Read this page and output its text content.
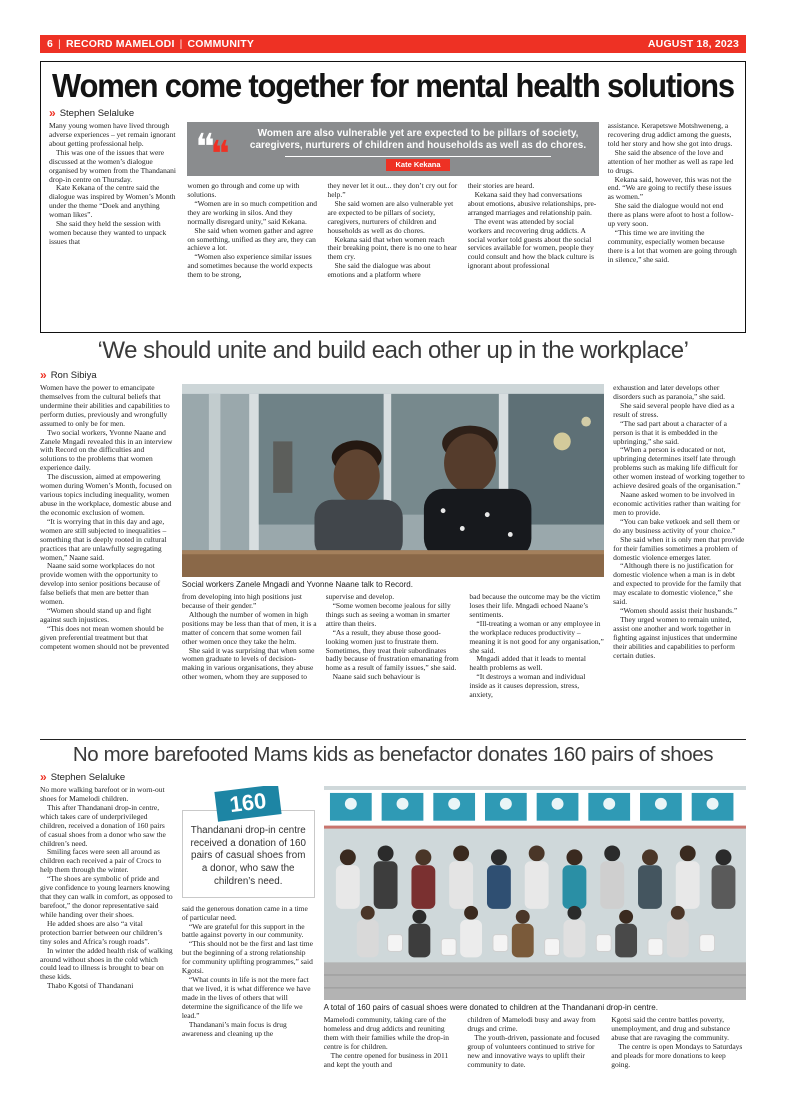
6 | RECORD MAMELODI | COMMUNITY	AUGUST 18, 2023
Women come together for mental health solutions
» Stephen Selaluke

Many young women have lived through adverse experiences – yet remain ignorant about getting professional help.

This was one of the issues that were discussed at the women’s dialogue organised by women from the Thandanani drop-in centre on Thursday.

Kate Kekana of the centre said the dialogue was inspired by Women’s Month under the theme “Doek and anything woman likes”.

She said they held the session with women because they wanted to unpack issues that

❝
❝
Women are also vulnerable yet are expected to be pillars of society, caregivers, nurturers of children and households as well as do chores.
Kate Kekana

women go through and come up with solutions.

“Women are in so much competition and they are working in silos. And they normally disregard unity,” said Kekana.

She said when women gather and agree on something, unified as they are, they can achieve a lot.

“Women also experience similar issues and sometimes because the world expects them to be strong,

they never let it out... they don’t cry out for help.”

She said women are also vulnerable yet are expected to be pillars of society, caregivers, nurturers of children and households as well as do chores.

Kekana said that when women reach their breaking point, there is no one to hear them cry.

She said the dialogue was about emotions and a platform where

their stories are heard.

Kekana said they had conversations about emotions, abusive relationships, pre-arranged marriages and relationship pain.

The event was attended by social workers and recovering drug addicts. A social worker told guests about the social services available for women, people they could consult and how the black culture is ignorant about professional

assistance. Kerapetswe Motshweneng, a recovering drug addict among the guests, told her story and how she got into drugs.

She said the absence of the love and attention of her mother as well as rape led to drugs.

Kekana said, however, this was not the end. “We are going to rectify these issues as women.”

She said the dialogue would not end there as plans were afoot to host a follow-up very soon.

“This time we are inviting the community, especially women because there is a lot that women are going through in silence,” she said.

‘We should unite and build each other up in the workplace’
» Ron Sibiya

Women have the power to emancipate themselves from the cultural beliefs that undermine their abilities and capabilities to perform duties, previously and wrongfully assumed to only be for men.

Two social workers, Yvonne Naane and Zanele Mngadi revealed this in an interview with Record on the difficulties and solutions to the problems that women experience daily.

The discussion, aimed at empowering women during Women’s Month, focused on various topics including inequality, women abuse in the workplace, domestic abuse and the economic exclusion of women.

“It is worrying that in this day and age, women are still subjected to inequalities – something that is deeply rooted in cultural practices that are unlawfully segregating women,” Naane said.

Naane said some workplaces do not provide women with the opportunity to develop into senior positions because of false beliefs that men are better than women.

“Women should stand up and fight against such injustices.

“This does not mean women should be given preferential treatment but that competent women should not be prevented

Social workers Zanele Mngadi and Yvonne Naane talk to Record.

from developing into high positions just because of their gender.”

Although the number of women in high positions may be less than that of men, it is a matter of concern that some women fail other women once they take the helm.

She said it was surprising that when some women graduate to levels of decision-making in various organisations, they abuse other women, whom they are supposed to

supervise and develop.

“Some women become jealous for silly things such as seeing a woman in smarter attire than theirs.

“As a result, they abuse those good-looking women just to frustrate them. Sometimes, they treat their subordinates badly because of frustration emanating from home as a result of family issues,” she said.

Naane said such behaviour is

bad because the outcome may be the victim loses their life. Mngadi echoed Naane’s sentiments.

“Ill-treating a woman or any employee in the workplace reduces productivity – meaning it is not good for any organisation,” she said.

Mngadi added that it leads to mental health problems as well.

“It destroys a woman and individual inside as it causes depression, stress, anxiety,

exhaustion and later develops other disorders such as paranoia,” she said.

She said several people have died as a result of stress.

“The sad part about a character of a person is that it is embedded in the upbringing,” she said.

“When a person is educated or not, upbringing determines itself late through problems such as making life difficult for other women instead of working together to achieve desired goals of the organisation.”

Naane asked women to be involved in economic activities rather than waiting for men to provide.

“You can bake vetkoek and sell them or do any business activity of your choice.”

She said when it is only men that provide for their families sometimes a problem of domestic violence emerges later.

“Although there is no justification for domestic violence when a man is in debt and expected to provide for the family that may escalate to domestic violence,” she said.

“Women should assist their husbands.”

They urged women to remain united, assist one another and work together in fighting against injustices that undermine their abilities and capabilities to perform certain duties.

No more barefooted Mams kids as benefactor donates 160 pairs of shoes
» Stephen Selaluke

No more walking barefoot or in worn-out shoes for Mamelodi children.

This after Thandanani drop-in centre, which takes care of underprivileged children, received a donation of 160 pairs of casual shoes from a donor who saw the children’s need.

Smiling faces were seen all around as children each received a pair of Crocs to help them through the winter.

“The shoes are symbolic of pride and give confidence to young learners knowing that they can walk in comfort, as opposed to barefoot,” the donor representative said while handing over their shoes.

He added shoes are also “a vital protection barrier between our children’s tiny soles and Africa’s rough roads”.

In winter the added health risk of walking around without shoes in the cold which could lead to illness is brought to bear on these kids.

Thabo Kgotsi of Thandanani

160
Thandanani drop-in centre received a donation of 160 pairs of casual shoes from a donor, who saw the children’s need.

said the generous donation came in a time of particular need.

“We are grateful for this support in the battle against poverty in our community.

“This should not be the first and last time but the beginning of a strong relationship for community uplifting programmes,” said Kgotsi.

“What counts in life is not the mere fact that we lived, it is what difference we have made in the lives of others that will determine the significance of the life we lead.”

Thandanani’s main focus is drug awareness and cleaning up the

A total of 160 pairs of casual shoes were donated to children at the Thandanani drop-in centre.

Mamelodi community, taking care of the homeless and drug addicts and reuniting them with their families while the drop-in centre is for children.

The centre opened for business in 2011 and kept the youth and

children of Mamelodi busy and away from drugs and crime.

The youth-driven, passionate and focused group of volunteers continued to strive for new and innovative ways to uplift their community to date.

Kgotsi said the centre battles poverty, unemployment, and drug and substance abuse that are ravaging the community.

The centre is open Mondays to Saturdays and pleads for more donations to keep going.
